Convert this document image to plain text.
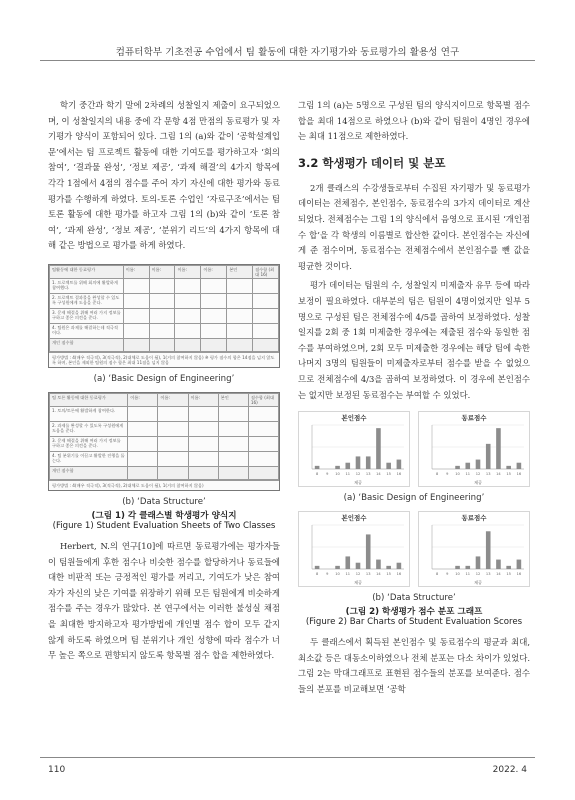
컴퓨터학부 기초전공 수업에서 팀 활동에 대한 자기평가와 동료평가의 활용성 연구

학기 중간과 학기 말에 2차례의 성찰일지 제출이 요구되었으며, 이 성찰일지의 내용 중에 각 문항 4점 만점의 동료평가 및 자기평가 양식이 포함되어 있다. 그림 1의 (a)와 같이 ‘공학설계입문’에서는 팀 프로젝트 활동에 대한 기여도를 평가하고자 ‘회의 참여’, ‘결과물 완성’, ‘정보 제공’, ‘과제 해결’의 4가지 항목에 각각 1점에서 4점의 점수를 주어 자기 자신에 대한 평가와 동료평가를 수행하게 하였다. 토의-토론 수업인 ‘자료구조’에서는 팀 토론 활동에 대한 평가를 하고자 그림 1의 (b)와 같이 ‘토론 참여’, ‘과제 완성’, ‘정보 제공’, ‘분위기 리드’의 4가지 항목에 대해 같은 방법으로 평가를 하게 하였다.

팀활동에 대한 동료평가	이름:	이름:	이름:	이름:	본인	점수합 (최대 16)
1. 프로젝트를 위해 회의에 활발하게 참여했다.						
2. 프로젝트 결과물을 완성할 수 있도록 구성원에게 도움을 준다.						
3. 문제 해결을 위해 여러 가지 정보를 구하고 좋은 의견을 준다.						
4. 팀원은 과제를 해결하는데 적극적이다.						
개인 점수합						
평가방법 : 4(매우 적극적), 3(적극적), 2(대체로 도움이 됨), 1(거의 참여하지 않음) ※ 평가 점수의 합은 14점을 넘지 않도록 하며, 본인을 제외한 팀원의 점수 합은 최대 11점을 넘지 않음
(a) ‘Basic Design of Engineering’
팀 토론 활동에 대한 동료평가	이름:	이름:	이름:	본인	점수합 (최대 16)
1. 토의/토론에 활발하게 참여한다.					
2. 과제를 완성할 수 있도록 구성원에게 도움을 준다.					
3. 문제 해결을 위해 여러 가지 정보를 구하고 좋은 의견을 준다.					
4. 팀 분위기를 이끌고 활발한 진행을 돕는다.					
개인 점수합					
평가방법 : 4(매우 적극적), 3(적극적), 2(대체로 도움이 됨), 1(거의 참여하지 않음)
(b) ‘Data Structure’
(그림 1) 각 클래스별 학생평가 양식지
(Figure 1) Student Evaluation Sheets of Two Classes

Herbert, N.의 연구[10]에 따르면 동료평가에는 평가자들이 팀원들에게 후한 점수나 비슷한 점수를 할당하거나 동료들에 대한 비판적 또는 긍정적인 평가를 꺼리고, 기여도가 낮은 참여자가 자신의 낮은 기여를 위장하기 위해 모든 팀원에게 비슷하게 점수를 주는 경우가 많았다. 본 연구에서는 이러한 불성실 채점을 최대한 방지하고자 평가방법에 개인별 점수 합이 모두 같지 않게 하도록 하였으며 팀 분위기나 개인 성향에 따라 점수가 너무 높은 쪽으로 편향되지 않도록 항목별 점수 합을 제한하였다.

그림 1의 (a)는 5명으로 구성된 팀의 양식지이므로 항목별 점수 합을 최대 14점으로 하였으나 (b)와 같이 팀원이 4명인 경우에는 최대 11점으로 제한하였다.

3.2 학생평가 데이터 및 분포

2개 클래스의 수강생들로부터 수집된 자기평가 및 동료평가 데이터는 전체점수, 본인점수, 동료점수의 3가지 데이터로 계산되었다. 전체점수는 그림 1의 양식에서 음영으로 표시된 ‘개인점수 합’을 각 학생의 이름별로 합산한 값이다. 본인점수는 자신에게 준 점수이며, 동료점수는 전체점수에서 본인점수를 뺀 값을 평균한 것이다.

평가 데이터는 팀원의 수, 성찰일지 미제출자 유무 등에 따라 보정이 필요하였다. 대부분의 팀은 팀원이 4명이었지만 일부 5명으로 구성된 팀은 전체점수에 4/5를 곱하여 보정하였다. 성찰일지를 2회 중 1회 미제출한 경우에는 제출된 점수와 동일한 점수를 부여하였으며, 2회 모두 미제출한 경우에는 해당 팀에 속한 나머지 3명의 팀원들이 미제출자로부터 점수를 받을 수 없었으므로 전체점수에 4/3을 곱하여 보정하였다. 이 경우에 본인점수는 없지만 보정된 동료점수는 부여할 수 있었다.

본인점수
8 9 10 11 12 13 14 15 16
제공
동료점수
8 9 10 11 12 13 14 15 16
제공
(a) ‘Basic Design of Engineering’
본인점수
8 9 10 11 12 13 14 15 16
제공
동료점수
8 9 10 11 12 13 14 15 16
제공
(b) ‘Data Structure’
(그림 2) 학생평가 점수 분포 그래프
(Figure 2) Bar Charts of Student Evaluation Scores

두 클래스에서 획득된 본인점수 및 동료점수의 평균과 최대, 최소값 등은 대동소이하였으나 전체 분포는 다소 차이가 있었다. 그림 2는 막대그래프로 표현된 점수들의 분포를 보여준다. 점수들의 분포를 비교해보면 ‘공학

110	2022. 4
